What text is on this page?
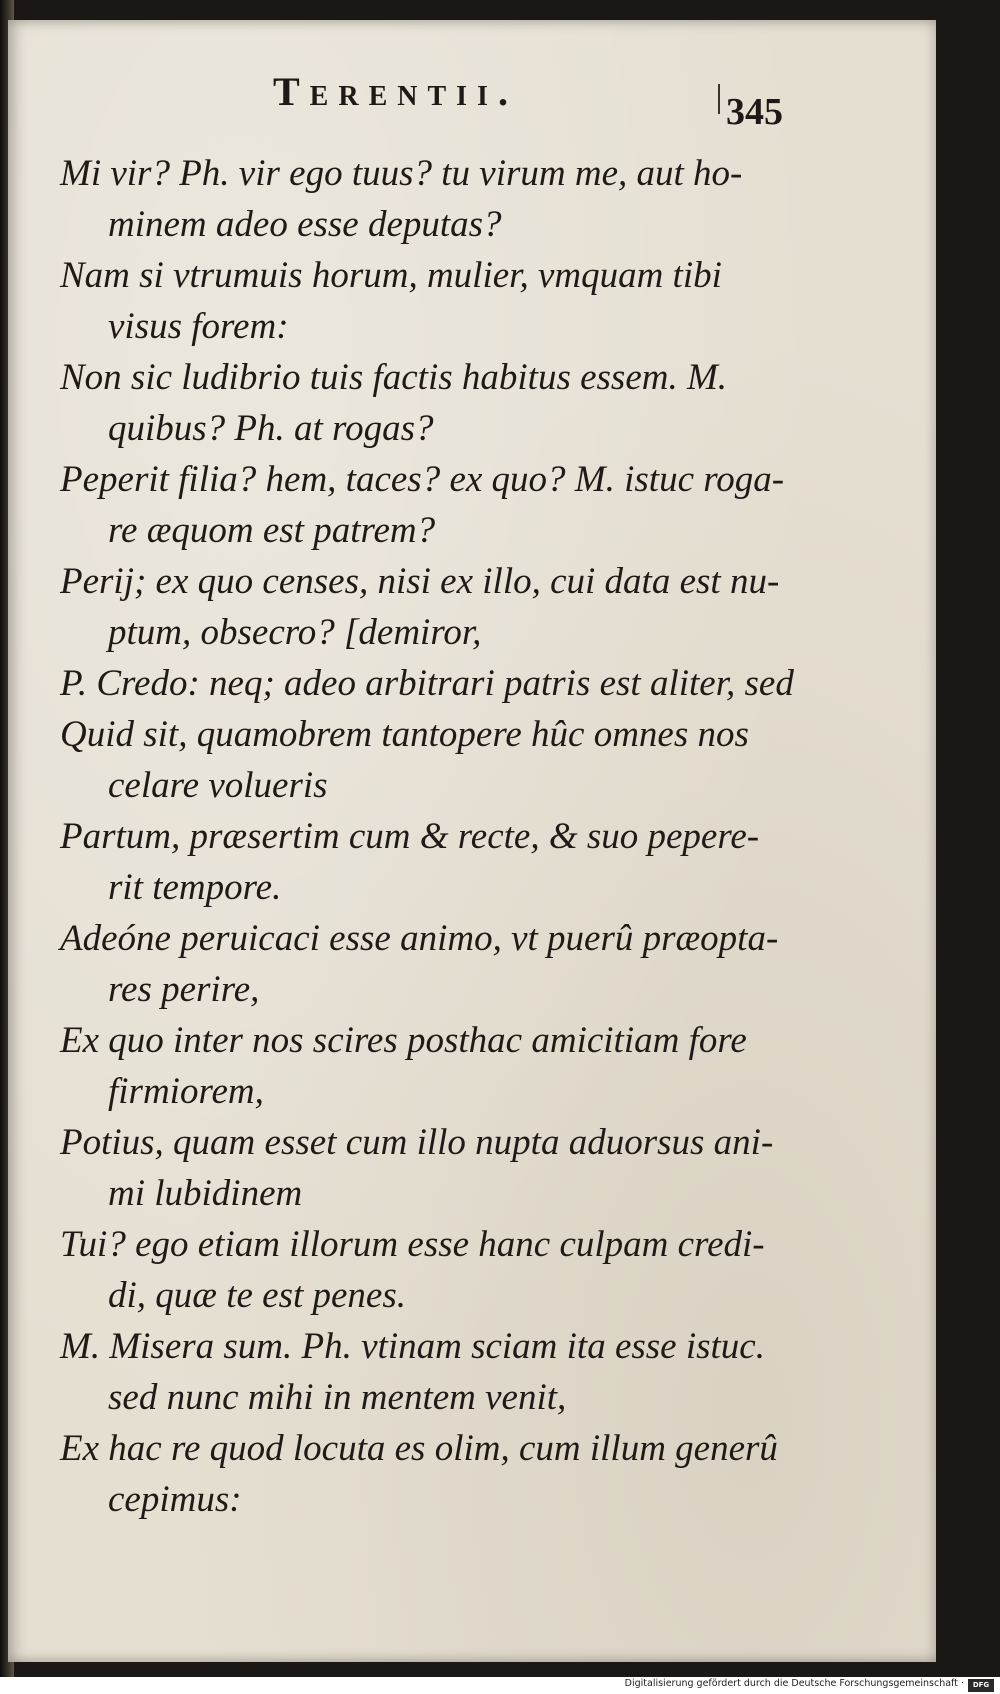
Terentii.	345
Mi vir? Ph. vir ego tuus? tu virum me, aut ho-
minem adeo esse deputas?
Nam si vtrumuis horum, mulier, vmquam tibi
visus forem:
Non sic ludibrio tuis factis habitus essem. M.
quibus? Ph. at rogas?
Peperit filia? hem, taces? ex quo? M. istuc roga-
re æquom est patrem?
Perij; ex quo censes, nisi ex illo, cui data est nu-
ptum, obsecro? [demiror,
P. Credo: neq; adeo arbitrari patris est aliter, sed
Quid sit, quamobrem tantopere hûc omnes nos
celare volueris
Partum, præsertim cum & recte, & suo pepere-
rit tempore.
Adeóne peruicaci esse animo, vt puerû præopta-
res perire,
Ex quo inter nos scires posthac amicitiam fore
firmiorem,
Potius, quam esset cum illo nupta aduorsus ani-
mi lubidinem
Tui? ego etiam illorum esse hanc culpam credi-
di, quæ te est penes.
M. Misera sum. Ph. vtinam sciam ita esse istuc.
sed nunc mihi in mentem venit,
Ex hac re quod locuta es olim, cum illum generû
cepimus:
Digitalisierung gefördert durch die Deutsche Forschungsgemeinschaft ·	DFG
